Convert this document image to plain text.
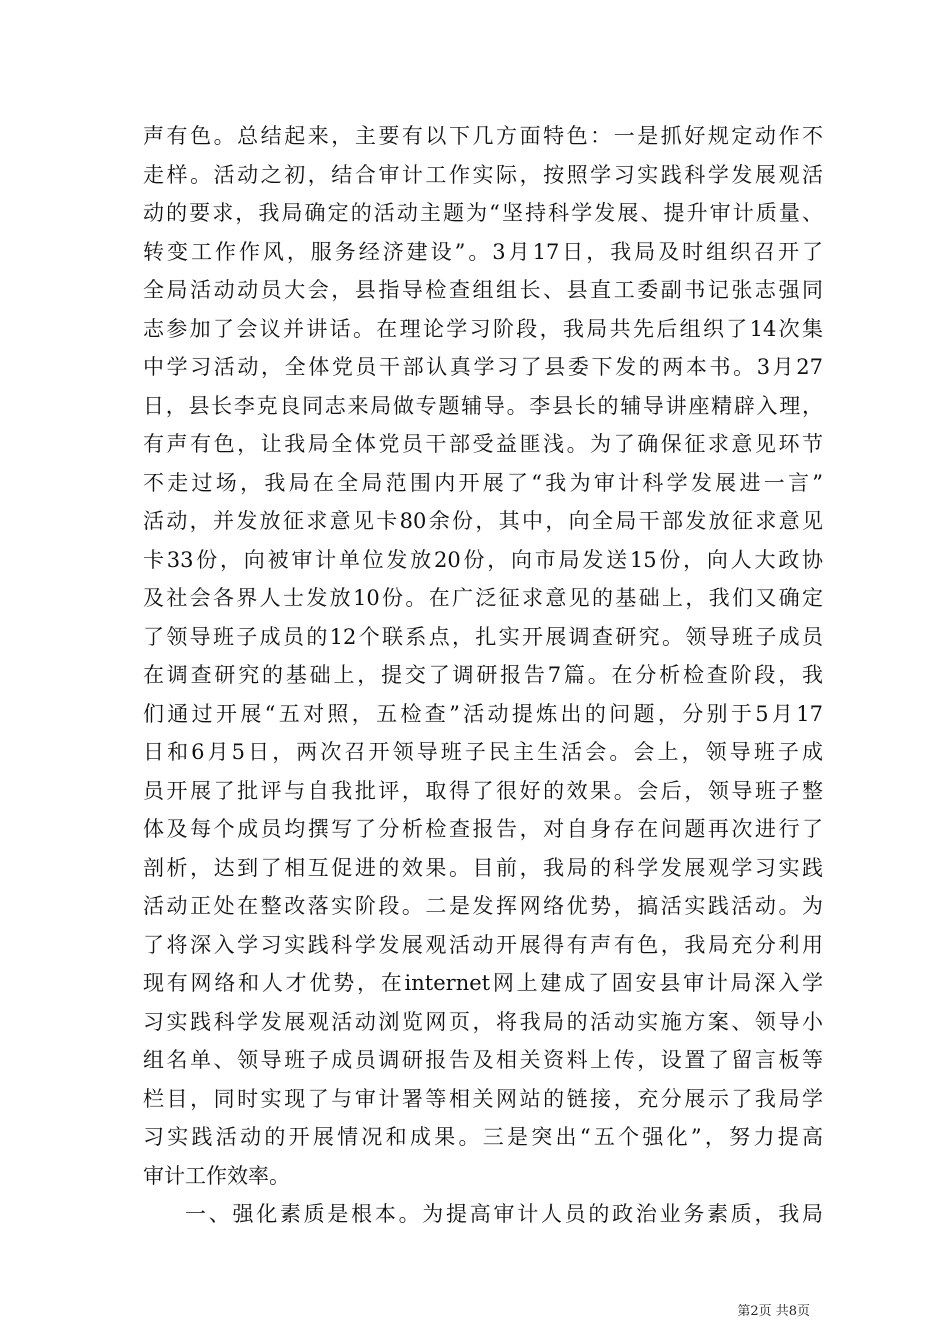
声有色。总结起来，主要有以下几方面特色：一是抓好规定动作不
走样。活动之初，结合审计工作实际，按照学习实践科学发展观活
动的要求，我局确定的活动主题为“坚持科学发展、提升审计质量、
转变工作作风，服务经济建设”。3月17日，我局及时组织召开了
全局活动动员大会，县指导检查组组长、县直工委副书记张志强同
志参加了会议并讲话。在理论学习阶段，我局共先后组织了14次集
中学习活动，全体党员干部认真学习了县委下发的两本书。3月27
日，县长李克良同志来局做专题辅导。李县长的辅导讲座精辟入理，
有声有色，让我局全体党员干部受益匪浅。为了确保征求意见环节
不走过场，我局在全局范围内开展了“我为审计科学发展进一言”
活动，并发放征求意见卡80余份，其中，向全局干部发放征求意见
卡33份，向被审计单位发放20份，向市局发送15份，向人大政协
及社会各界人士发放10份。在广泛征求意见的基础上，我们又确定
了领导班子成员的12个联系点，扎实开展调查研究。领导班子成员
在调查研究的基础上，提交了调研报告7篇。在分析检查阶段，我
们通过开展“五对照，五检查”活动提炼出的问题，分别于5月17
日和6月5日，两次召开领导班子民主生活会。会上，领导班子成
员开展了批评与自我批评，取得了很好的效果。会后，领导班子整
体及每个成员均撰写了分析检查报告，对自身存在问题再次进行了
剖析，达到了相互促进的效果。目前，我局的科学发展观学习实践
活动正处在整改落实阶段。二是发挥网络优势，搞活实践活动。为
了将深入学习实践科学发展观活动开展得有声有色，我局充分利用
现有网络和人才优势，在internet网上建成了固安县审计局深入学
习实践科学发展观活动浏览网页，将我局的活动实施方案、领导小
组名单、领导班子成员调研报告及相关资料上传，设置了留言板等
栏目，同时实现了与审计署等相关网站的链接，充分展示了我局学
习实践活动的开展情况和成果。三是突出“五个强化”，努力提高
审计工作效率。
一、强化素质是根本。为提高审计人员的政治业务素质，我局
第2页 共8页
